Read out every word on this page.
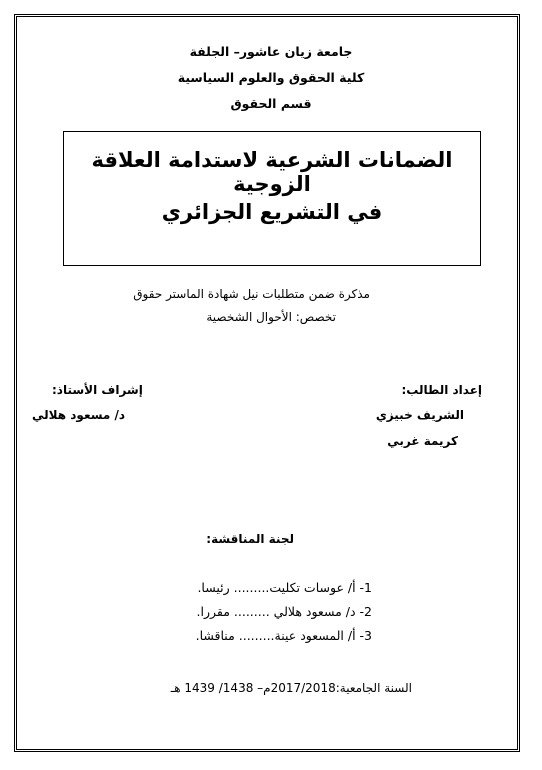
جامعة زيان عاشور– الجلفة
كلية الحقوق والعلوم السياسية
قسم الحقوق
الضمانات الشرعية لاستدامة العلاقة الزوجية
في التشريع الجزائري
مذكرة ضمن متطلبات نيل شهادة الماستر حقوق
تخصص: الأحوال الشخصية
إعداد الطالب:
الشريف خبيزي
كريمة غربي
إشراف الأستاذ:
د/ مسعود هلالي
لجنة المناقشة:
1- أ/ عوسات تكليت......... رئيسا.
2- د/ مسعود هلالي ......... مقررا.
3- أ/ المسعود عينة......... مناقشا.
السنة الجامعية:2017/2018م– 1438/ 1439 هـ
